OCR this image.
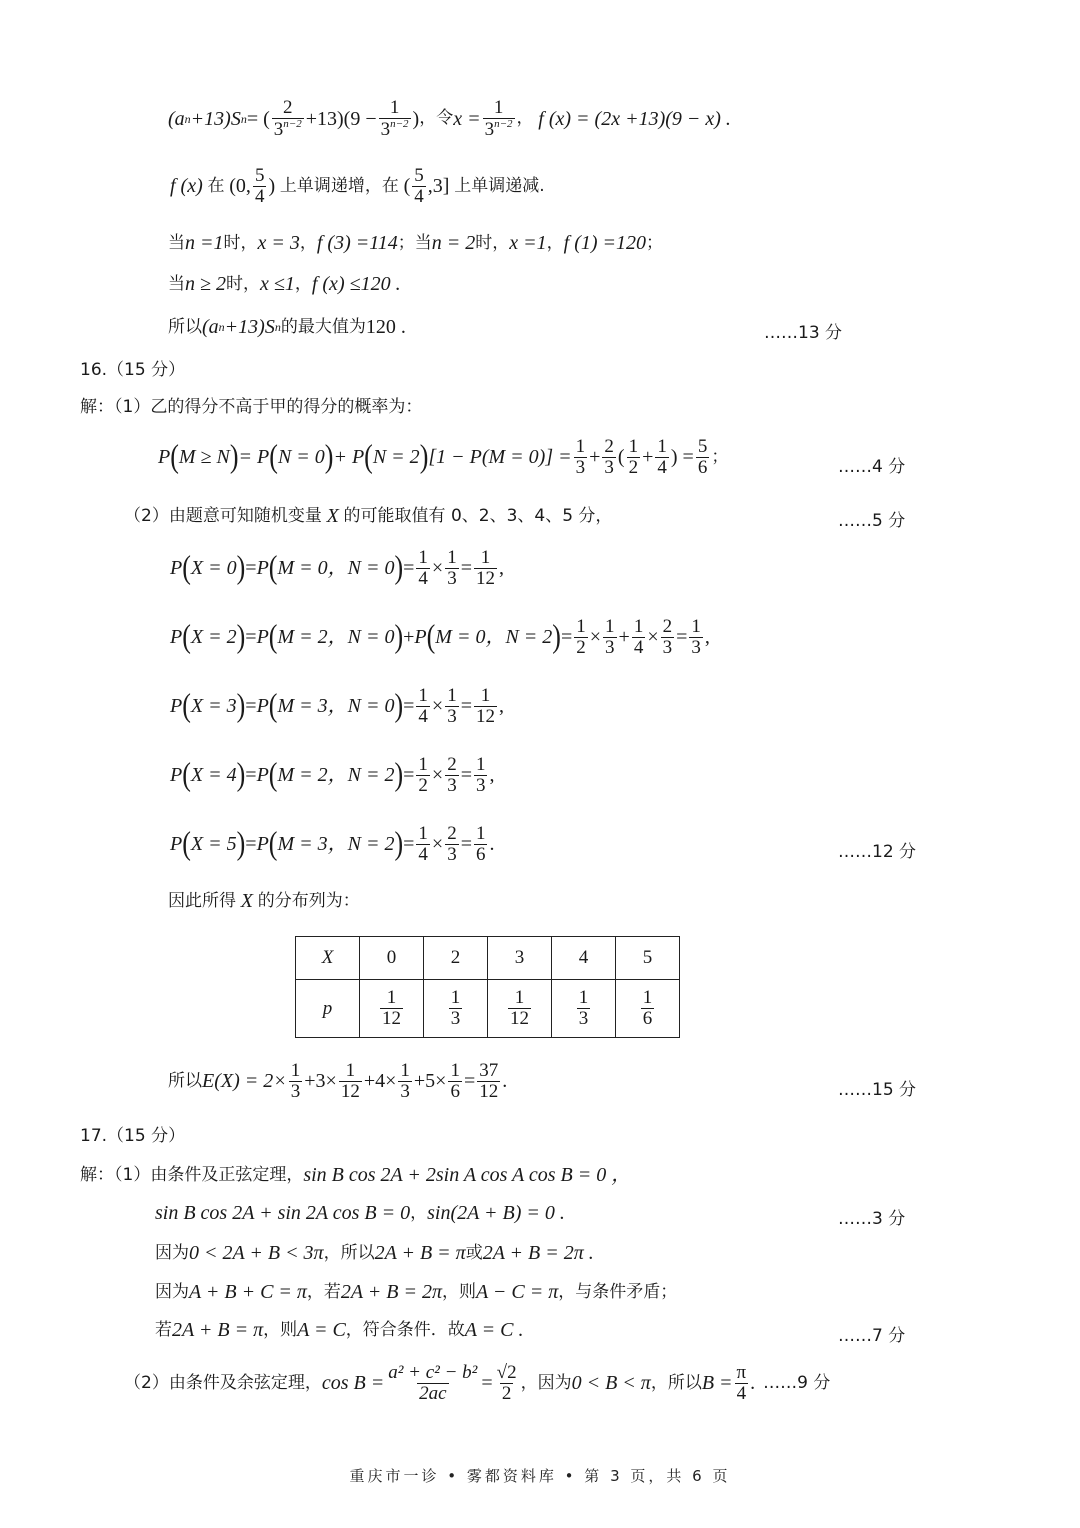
(a n +13)S n = ( $\frac{2}{3^{n-2}} +13)(9 - \frac{1}{3^{n-2}}$ ) ，令 $x = \frac{1}{3^{n-2}}$ ，
f (x) = (2x +13)(9 − x) .
f (x)
在
(0, $\frac{5}{4}$ )
上单调递增，在
( $\frac{5}{4} ,3$]
上单调递减.
当 n =1 时， x = 3 ， f (3) =114 ；当 n = 2 时， x =1 ， f (1) =120 ；
当 n ≥ 2 时， x ≤1 ， f (x) ≤120 .
所以 (a n +13)S n 的最大值为 120 .	……13 分
16.（15 分）
解：（1）乙的得分不高于甲的得分的概率为：
P ( M ≥ N ) = P ( N = 0 ) + P ( N = 2 ) $[1 - P(M = 0)] = \frac{1}{3} + \frac{2}{3}$ ( $\frac{1}{2} + \frac{1}{4}$ ) = $\frac{5}{6}$ ；
……4 分
（2）由题意可知随机变量
X
的可能取值有 0、2、3、4、5 分，	……5 分
P ( X = 0 ) = P ( M = 0，N = 0 ) = $\frac{1}{4} \times \frac{1}{3} = \frac{1}{12}$ ,
P ( X = 2 ) = P ( M = 2，N = 0 ) + P ( M = 0，N = 2 ) = $\frac{1}{2} \times \frac{1}{3} + \frac{1}{4} \times \frac{2}{3} = \frac{1}{3}$ ,
P ( X = 3 ) = P ( M = 3，N = 0 ) = $\frac{1}{4} \times \frac{1}{3} = \frac{1}{12}$ ,
P ( X = 4 ) = P ( M = 2，N = 2 ) = $\frac{1}{2} \times \frac{2}{3} = \frac{1}{3}$ ,
P ( X = 5 ) = P ( M = 3，N = 2 ) = $\frac{1}{4} \times \frac{2}{3} = \frac{1}{6}$ .	……12 分
因此所得
X
的分布列为：
X	0	2	3	4	5
p	$\frac{1}{12}$	$\frac{1}{3}$	$\frac{1}{12}$	$\frac{1}{3}$	$\frac{1}{6}$
所以 $E(X) = 2\times \frac{1}{3} +3\times \frac{1}{12} +4\times \frac{1}{3} +5\times \frac{1}{6} = \frac{37}{12}$ .	……15 分
17.（15 分）
解：（1）由条件及正弦定理， sin B cos 2A + 2sin A cos A cos B = 0 ，
sin B cos 2A + sin 2A cos B = 0 ， sin(2A + B) = 0 .	……3 分
因为 0 < 2A + B < 3π ，所以 2A + B = π 或 2A + B = 2π .
因为 A + B + C = π ，若 2A + B = 2π ，则 A − C = π ，与条件矛盾；
若 2A + B = π ，则 A = C ，符合条件．故 A = C .	……7 分
（2）由条件及余弦定理， $\cos B = \frac{\text{a² + c² − b²}}{2ac} = \frac{√2}{2}$ ，因为 0 < B < π ，所以 $B = \frac{\pi}{4}$ . ……9 分
重庆市一诊 • 雾都资料库 • 第 3 页，共 6 页
